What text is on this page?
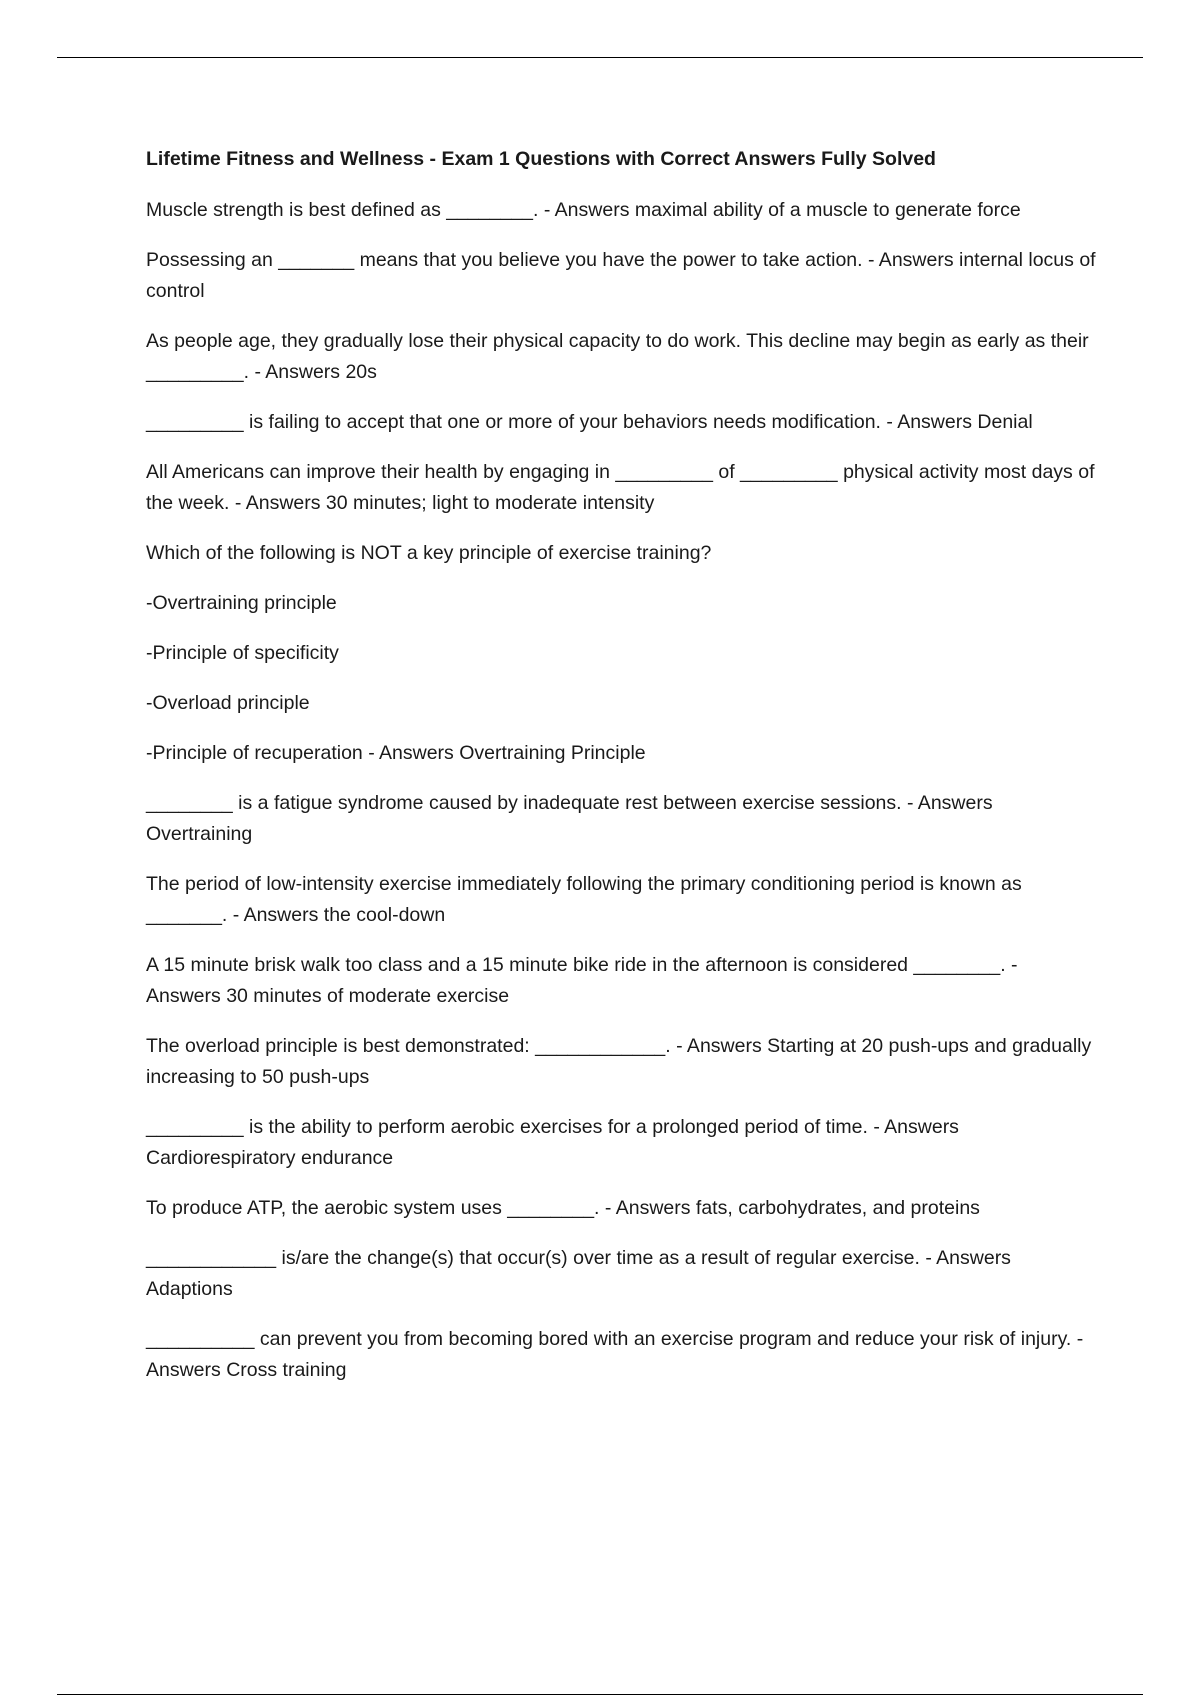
Lifetime Fitness and Wellness - Exam 1 Questions with Correct Answers Fully Solved

Muscle strength is best defined as ________. - Answers maximal ability of a muscle to generate force

Possessing an _______ means that you believe you have the power to take action. - Answers internal locus of control

As people age, they gradually lose their physical capacity to do work. This decline may begin as early as their _________. - Answers 20s

_________ is failing to accept that one or more of your behaviors needs modification. - Answers Denial

All Americans can improve their health by engaging in _________ of _________ physical activity most days of the week. - Answers 30 minutes; light to moderate intensity

Which of the following is NOT a key principle of exercise training?

-Overtraining principle

-Principle of specificity

-Overload principle

-Principle of recuperation - Answers Overtraining Principle

________ is a fatigue syndrome caused by inadequate rest between exercise sessions. - Answers Overtraining

The period of low-intensity exercise immediately following the primary conditioning period is known as _______. - Answers the cool-down

A 15 minute brisk walk too class and a 15 minute bike ride in the afternoon is considered ________. - Answers 30 minutes of moderate exercise

The overload principle is best demonstrated: ____________. - Answers Starting at 20 push-ups and gradually increasing to 50 push-ups

_________ is the ability to perform aerobic exercises for a prolonged period of time. - Answers Cardiorespiratory endurance

To produce ATP, the aerobic system uses ________. - Answers fats, carbohydrates, and proteins

____________ is/are the change(s) that occur(s) over time as a result of regular exercise. - Answers Adaptions

__________ can prevent you from becoming bored with an exercise program and reduce your risk of injury. - Answers Cross training
